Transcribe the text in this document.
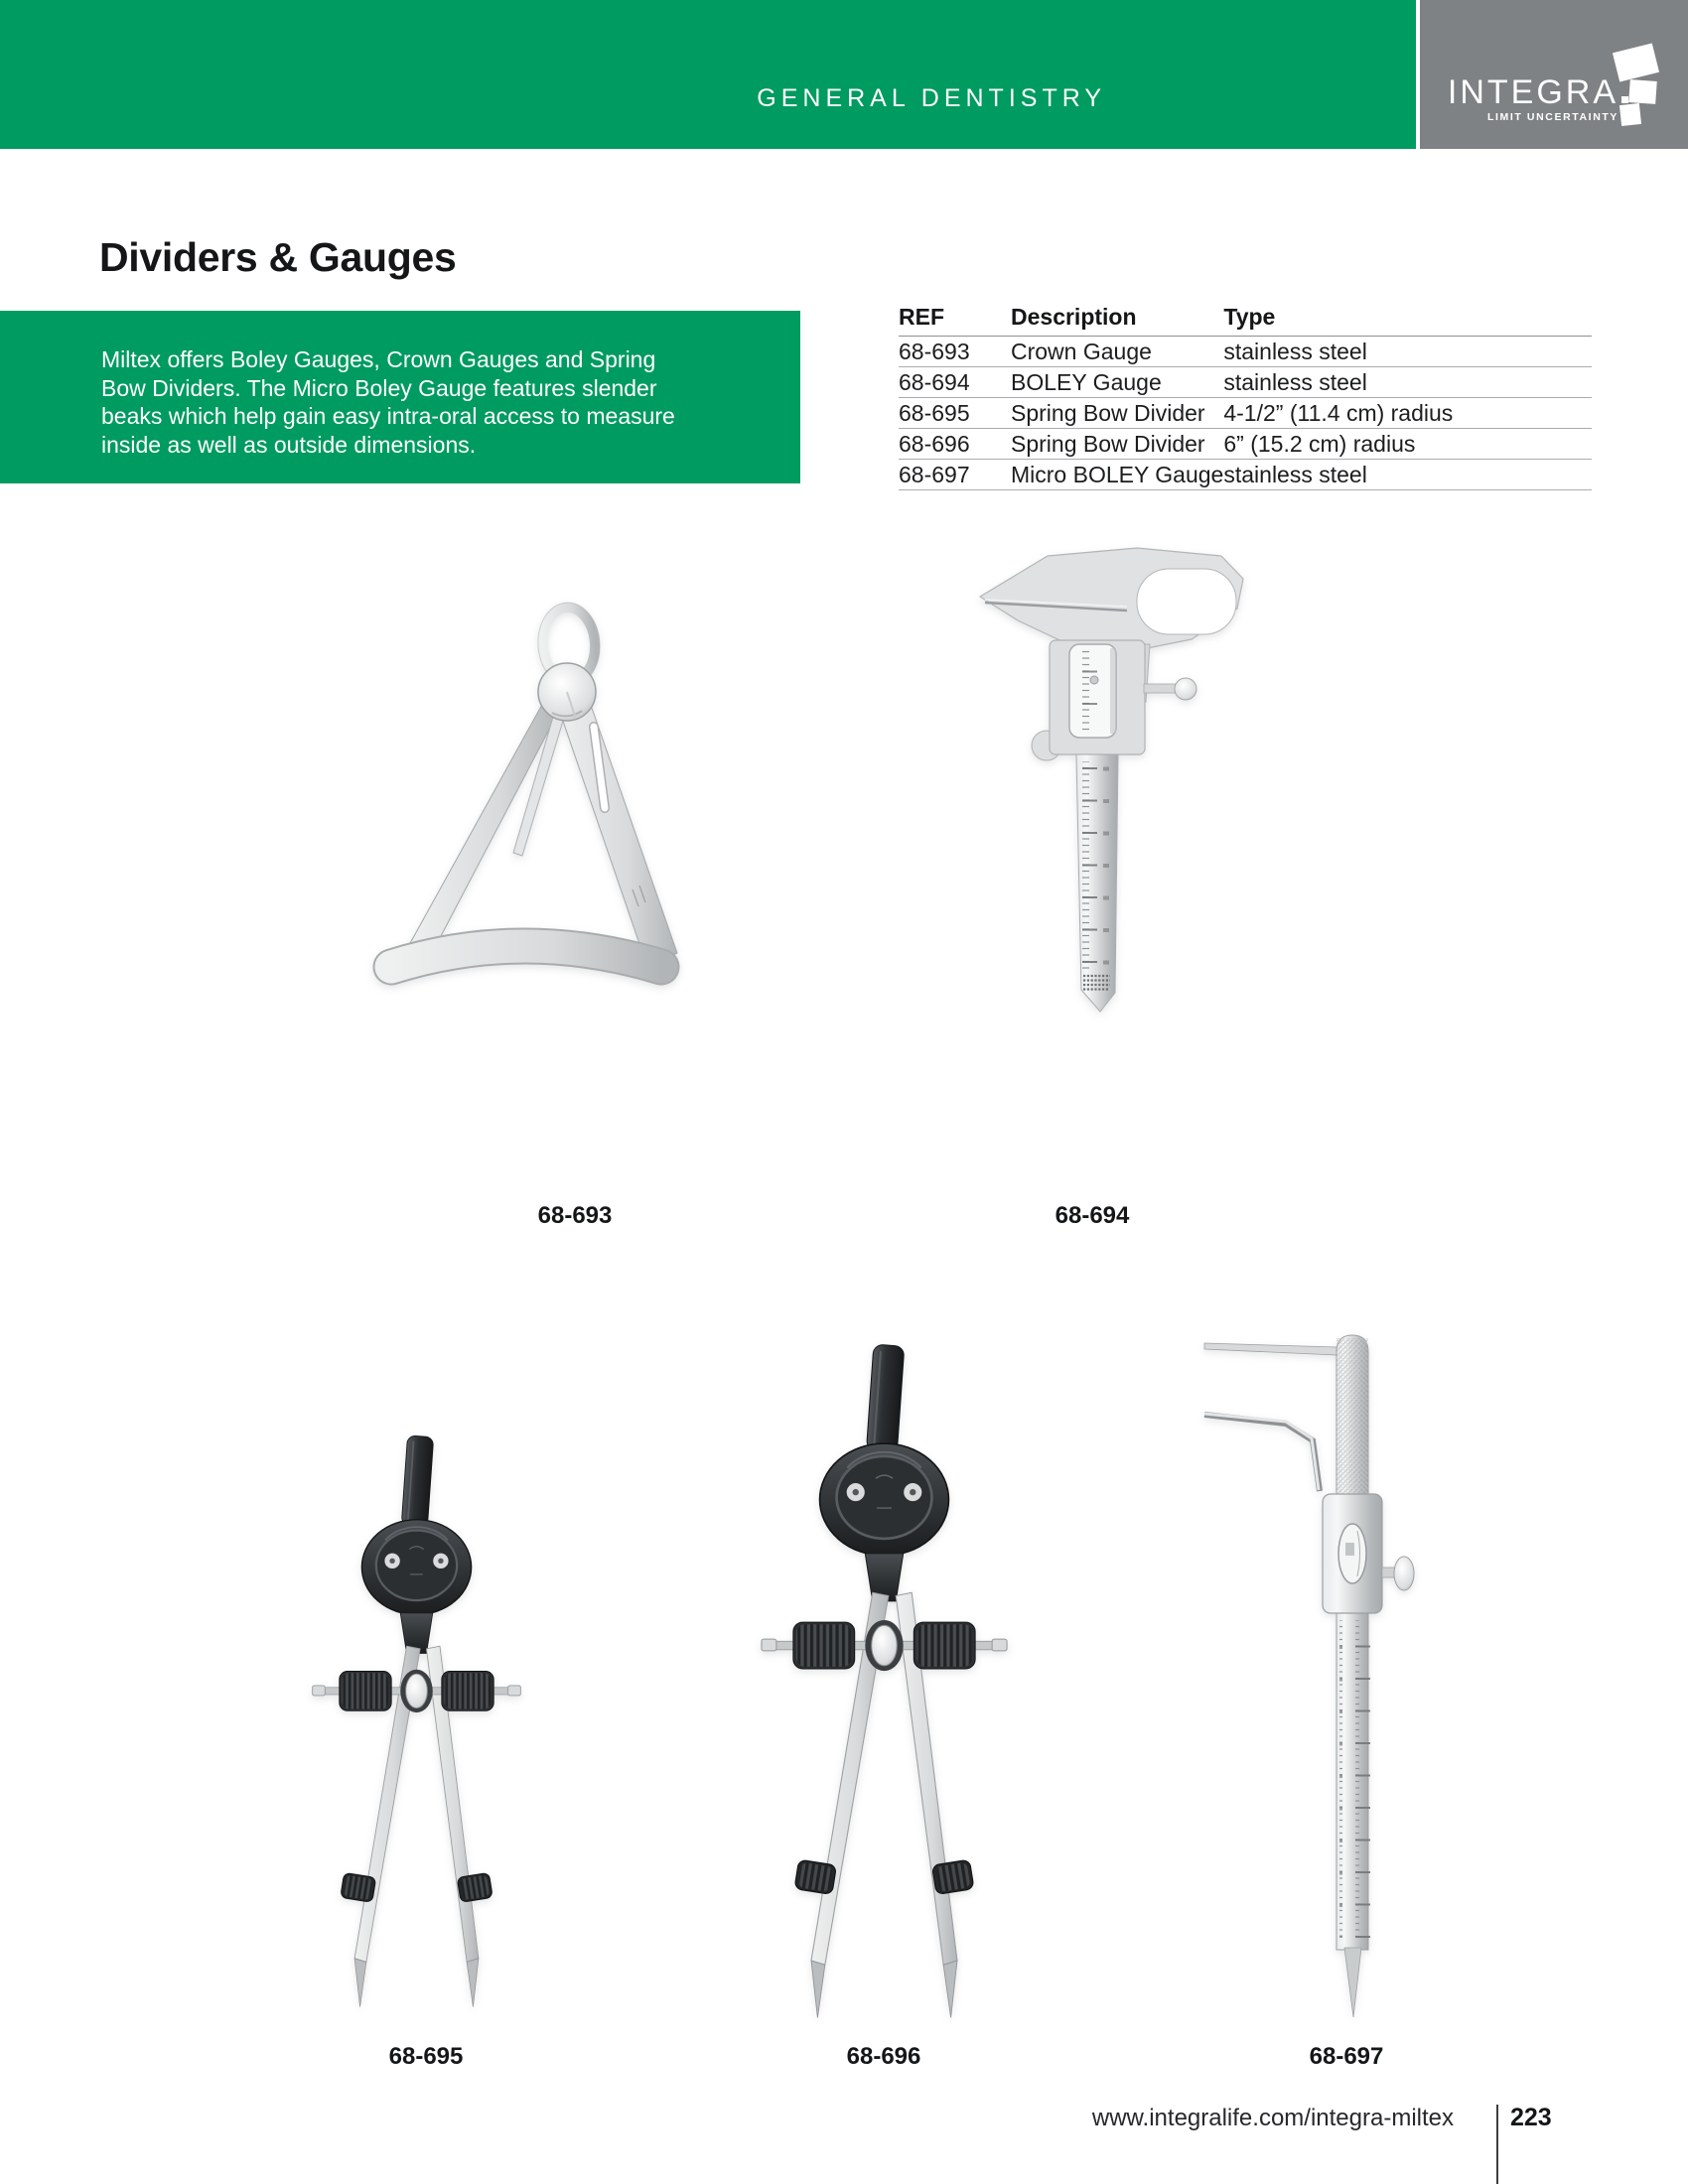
GENERAL DENTISTRY	INTEGRA
LIMIT UNCERTAINTY
Dividers & Gauges
Miltex offers Boley Gauges, Crown Gauges and Spring
Bow Dividers. The Micro Boley Gauge features slender
beaks which help gain easy intra-oral access to measure
inside as well as outside dimensions.
REF	Description	Type
68-693	Crown Gauge	stainless steel
68-694	BOLEY Gauge	stainless steel
68-695	Spring Bow Divider	4-1/2” (11.4 cm) radius
68-696	Spring Bow Divider	6” (15.2 cm) radius
68-697	Micro BOLEY Gauge	stainless steel
68-693	68-694
68-695	68-696	68-697
www.integralife.com/integra-miltex 223
